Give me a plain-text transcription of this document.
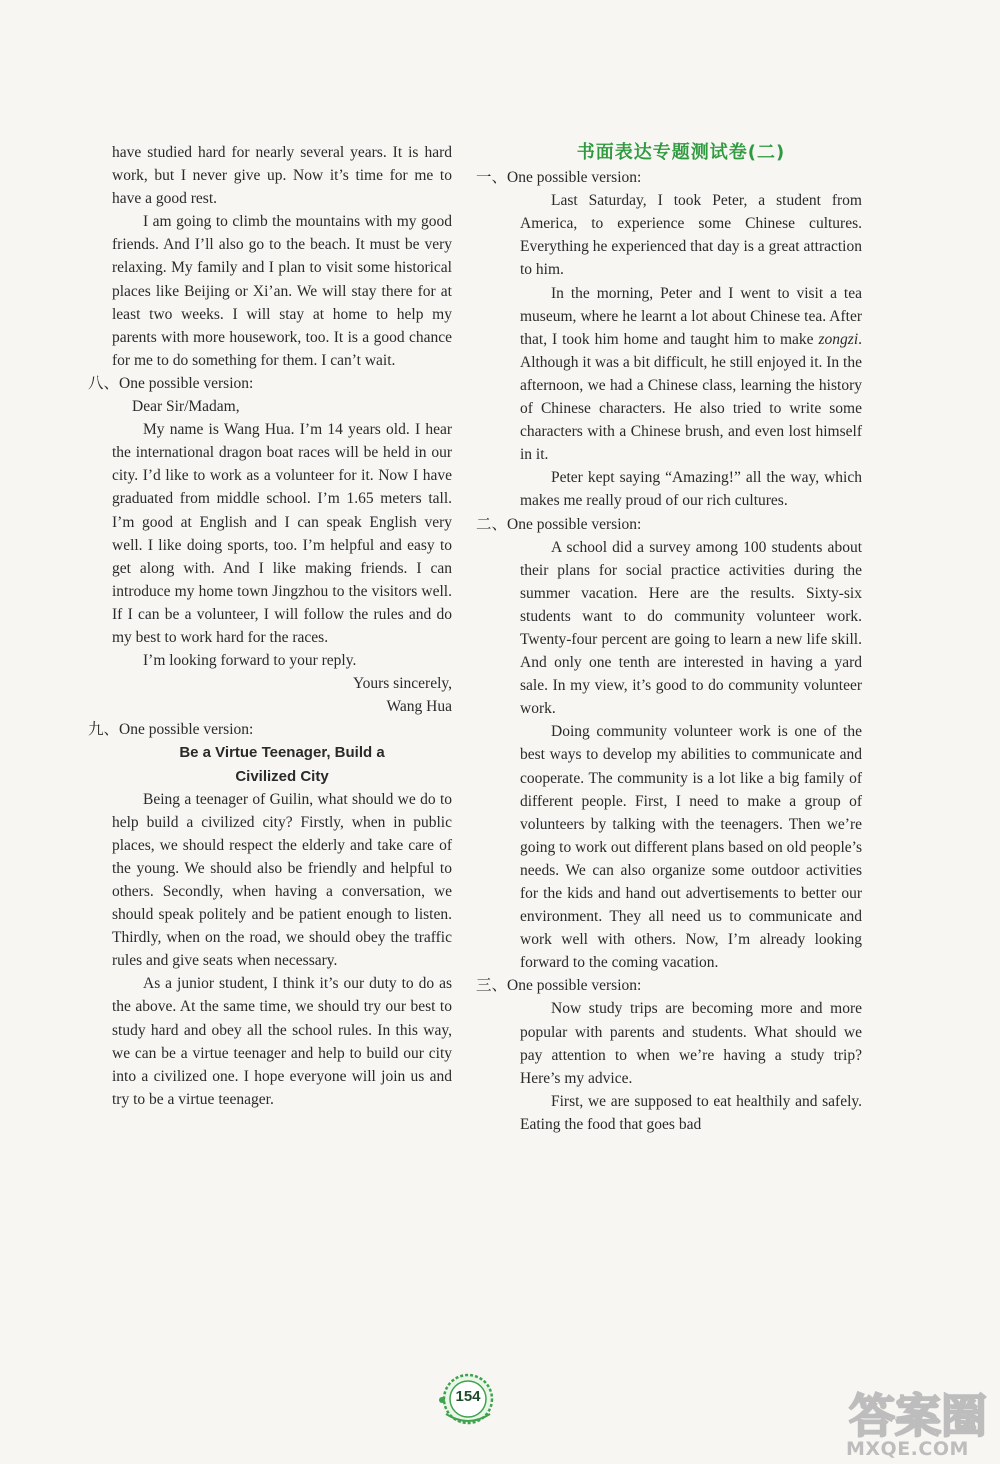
have studied hard for nearly several years. It is hard work, but I never give up. Now it’s time for me to have a good rest.

I am going to climb the mountains with my good friends. And I’ll also go to the beach. It must be very relaxing. My family and I plan to visit some historical places like Beijing or Xi’an. We will stay there for at least two weeks. I will stay at home to help my parents with more housework, too. It is a good chance for me to do something for them. I can’t wait.

八、One possible version:

Dear Sir/Madam,

My name is Wang Hua. I’m 14 years old. I hear the international dragon boat races will be held in our city. I’d like to work as a volunteer for it. Now I have graduated from middle school. I’m 1.65 meters tall. I’m good at English and I can speak English very well. I like doing sports, too. I’m helpful and easy to get along with. And I like making friends. I can introduce my home town Jingzhou to the visitors well. If I can be a volunteer, I will follow the rules and do my best to work hard for the races.

I’m looking forward to your reply.

Yours sincerely,

Wang Hua

九、One possible version:

Be a Virtue Teenager, Build a

Civilized City

Being a teenager of Guilin, what should we do to help build a civilized city? Firstly, when in public places, we should respect the elderly and take care of the young. We should also be friendly and helpful to others. Secondly, when having a conversation, we should speak politely and be patient enough to listen. Thirdly, when on the road, we should obey the traffic rules and give seats when necessary.

As a junior student, I think it’s our duty to do as the above. At the same time, we should try our best to study hard and obey all the school rules. In this way, we can be a virtue teenager and help to build our city into a civilized one. I hope everyone will join us and try to be a virtue teenager.

书面表达专题测试卷(二)

一、One possible version:

Last Saturday, I took Peter, a student from America, to experience some Chinese cultures. Everything he experienced that day is a great attraction to him.

In the morning, Peter and I went to visit a tea museum, where he learnt a lot about Chinese tea. After that, I took him home and taught him to make zongzi. Although it was a bit difficult, he still enjoyed it. In the afternoon, we had a Chinese class, learning the history of Chinese characters. He also tried to write some characters with a Chinese brush, and even lost himself in it.

Peter kept saying “Amazing!” all the way, which makes me really proud of our rich cultures.

二、One possible version:

A school did a survey among 100 students about their plans for social practice activities during the summer vacation. Here are the results. Sixty-six students want to do community volunteer work. Twenty-four percent are going to learn a new life skill. And only one tenth are interested in having a yard sale. In my view, it’s good to do community volunteer work.

Doing community volunteer work is one of the best ways to develop my abilities to communicate and cooperate. The community is a lot like a big family of different people. First, I need to make a group of volunteers by talking with the teenagers. Then we’re going to work out different plans based on old people’s needs. We can also organize some outdoor activities for the kids and hand out advertisements to better our environment. They all need us to communicate and work well with others. Now, I’m already looking forward to the coming vacation.

三、One possible version:

Now study trips are becoming more and more popular with parents and students. What should we pay attention to when we’re having a study trip? Here’s my advice.

First, we are supposed to eat healthily and safely. Eating the food that goes bad

154	答案圈
MXQE.COM
